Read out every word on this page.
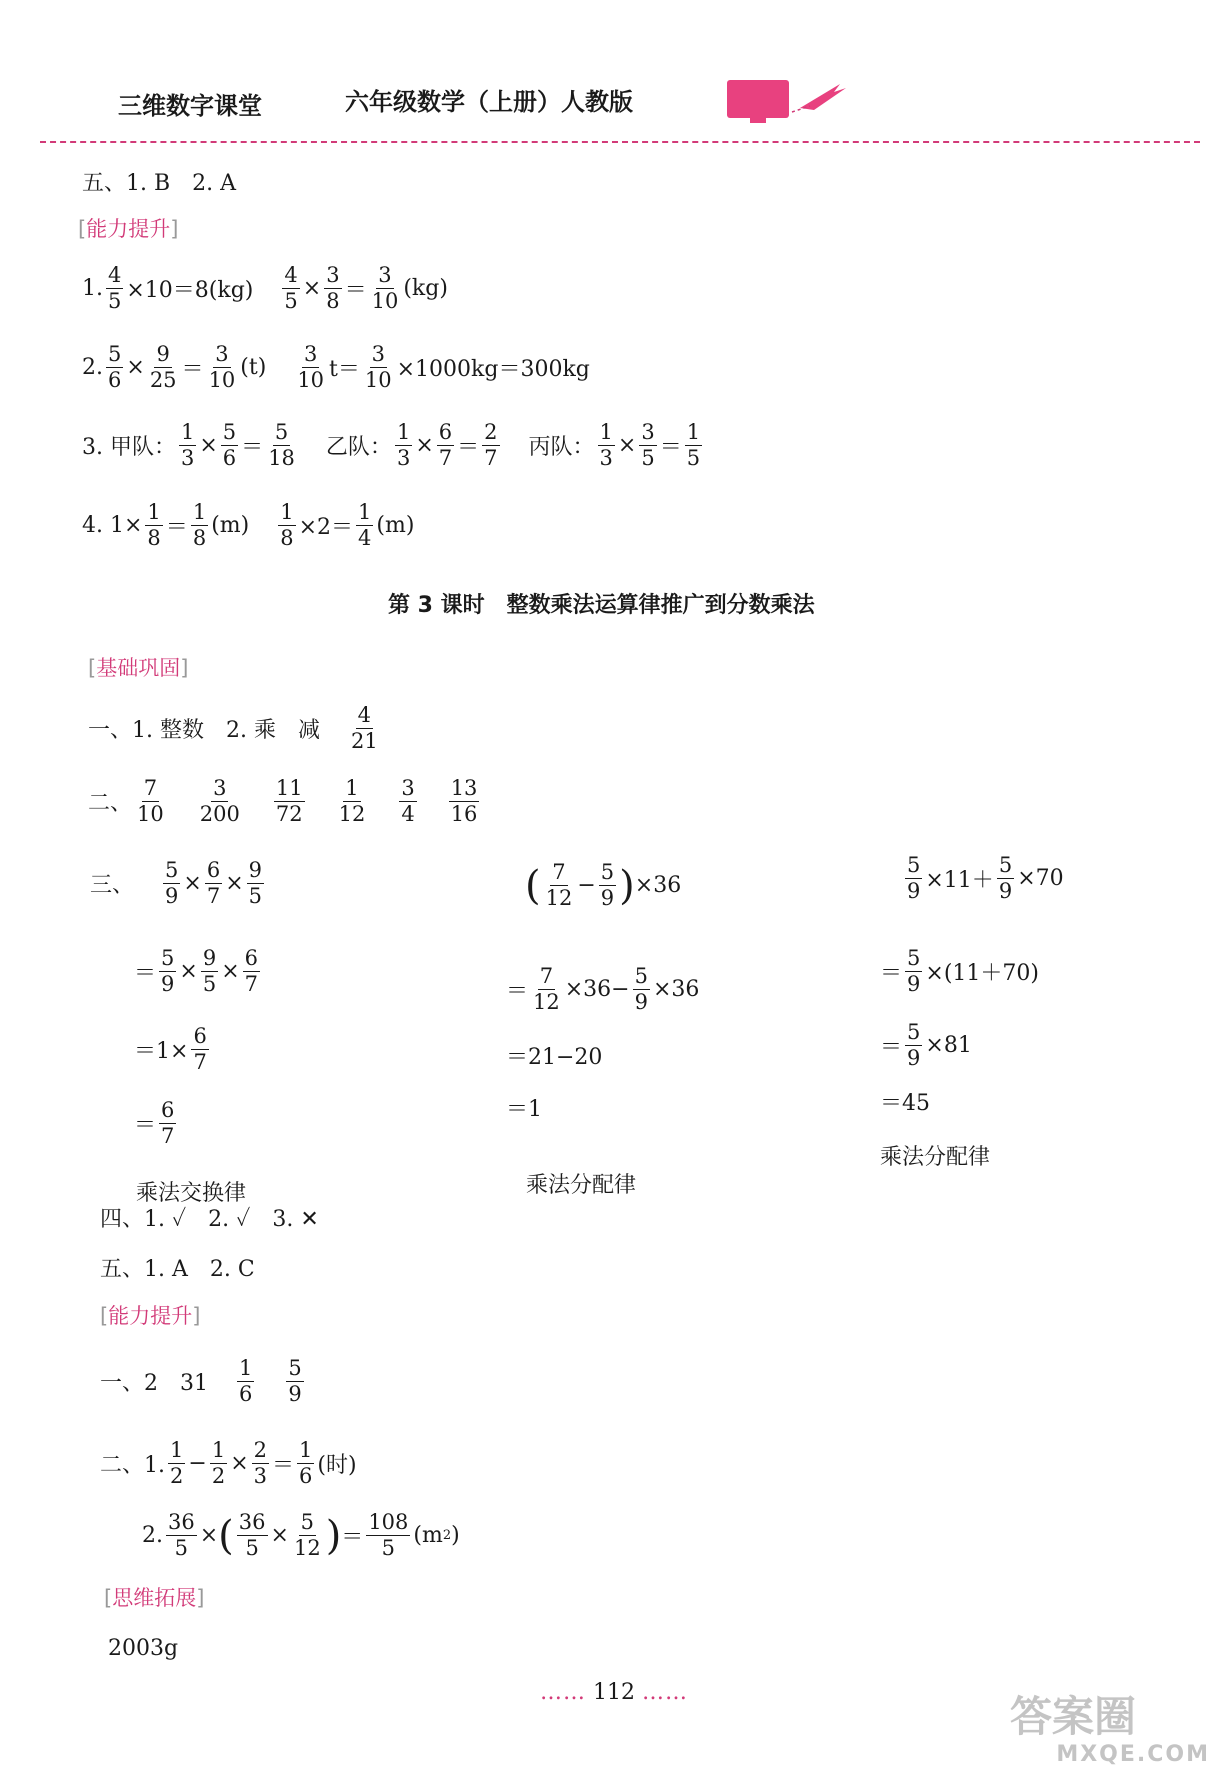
三维数字课堂	六年级数学（上册）人教版
五、1. B　2. A
[能力提升]
1. $\frac{4}{5} \times 10=8(kg) \frac{4}{5} \times \frac{3}{8} = \frac{3}{10} (kg)$
2. $\frac{5}{6} \times \frac{9}{25} = \frac{3}{10} (t) \frac{3}{10} t= \frac{3}{10} \times 1000kg=300kg$
3. 甲队： $\frac{1}{3} \times \frac{5}{6} = \frac{5}{18}$ 乙队： $\frac{1}{3} \times \frac{6}{7} = \frac{2}{7}$ 丙队： $\frac{1}{3} \times \frac{3}{5} = \frac{1}{5}$
4. $1\times \frac{1}{8} = \frac{1}{8} (m) \frac{1}{8} \times 2= \frac{1}{4} (m)$
第 3 课时　整数乘法运算律推广到分数乘法
[基础巩固]
一、1. 整数　2. 乘　减 $\frac{4}{21}$
二、 $\frac{7}{10} \frac{3}{200} \frac{11}{72} \frac{1}{12} \frac{3}{4} \frac{13}{16}$
三、 $\frac{5}{9} \times \frac{6}{7} \times \frac{9}{5}$
＝ $\frac{5}{9} \times \frac{9}{5} \times \frac{6}{7}$
$=1\times \frac{6}{7}$
＝ $\frac{6}{7}$
乘法交换律
( $\frac{7}{12} - \frac{5}{9}$ ) ×36
＝ $\frac{7}{12} \times 36- \frac{5}{9} \times 36$
＝21−20
＝1
乘法分配律
$\frac{5}{9} \times 11+ \frac{5}{9} \times 70$
＝ $\frac{5}{9} \times(11+70)$
＝ $\frac{5}{9} \times 81$
＝45
乘法分配律
四、1. ✓　2. ✓　3. ✕
五、1. A　2. C
[能力提升]
一、2　$31 \frac{1}{6} \frac{5}{9}$
二、1. $\frac{1}{2} - \frac{1}{2} \times \frac{2}{3} = \frac{1}{6}$ (时)
2. $\frac{36}{5}$ × ( $\frac{36}{5} \times \frac{5}{12}$ ) ＝ $\frac{108}{5} (m$ 2 )
[思维拓展]
2003g
…… 112 ……	答案圈
MXQE.COM
